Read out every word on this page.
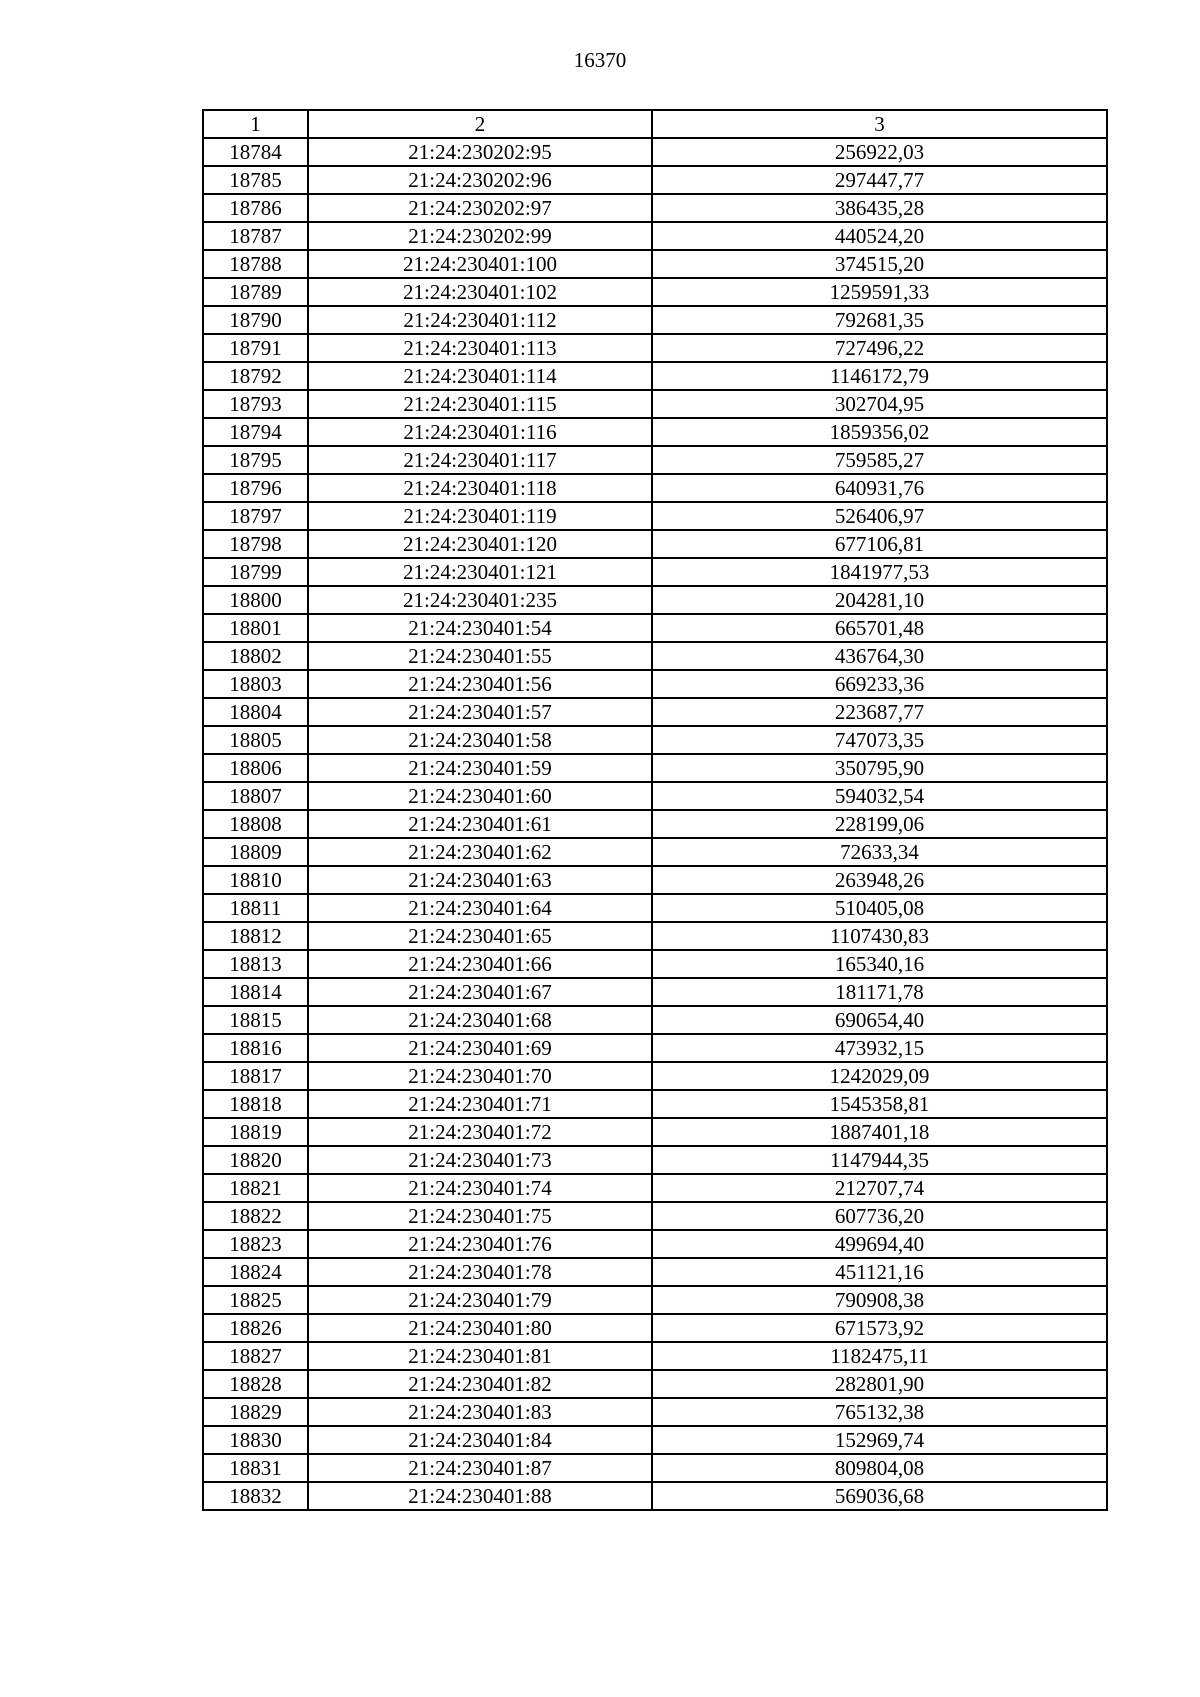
16370
1	2	3
18784	21:24:230202:95	256922,03
18785	21:24:230202:96	297447,77
18786	21:24:230202:97	386435,28
18787	21:24:230202:99	440524,20
18788	21:24:230401:100	374515,20
18789	21:24:230401:102	1259591,33
18790	21:24:230401:112	792681,35
18791	21:24:230401:113	727496,22
18792	21:24:230401:114	1146172,79
18793	21:24:230401:115	302704,95
18794	21:24:230401:116	1859356,02
18795	21:24:230401:117	759585,27
18796	21:24:230401:118	640931,76
18797	21:24:230401:119	526406,97
18798	21:24:230401:120	677106,81
18799	21:24:230401:121	1841977,53
18800	21:24:230401:235	204281,10
18801	21:24:230401:54	665701,48
18802	21:24:230401:55	436764,30
18803	21:24:230401:56	669233,36
18804	21:24:230401:57	223687,77
18805	21:24:230401:58	747073,35
18806	21:24:230401:59	350795,90
18807	21:24:230401:60	594032,54
18808	21:24:230401:61	228199,06
18809	21:24:230401:62	72633,34
18810	21:24:230401:63	263948,26
18811	21:24:230401:64	510405,08
18812	21:24:230401:65	1107430,83
18813	21:24:230401:66	165340,16
18814	21:24:230401:67	181171,78
18815	21:24:230401:68	690654,40
18816	21:24:230401:69	473932,15
18817	21:24:230401:70	1242029,09
18818	21:24:230401:71	1545358,81
18819	21:24:230401:72	1887401,18
18820	21:24:230401:73	1147944,35
18821	21:24:230401:74	212707,74
18822	21:24:230401:75	607736,20
18823	21:24:230401:76	499694,40
18824	21:24:230401:78	451121,16
18825	21:24:230401:79	790908,38
18826	21:24:230401:80	671573,92
18827	21:24:230401:81	1182475,11
18828	21:24:230401:82	282801,90
18829	21:24:230401:83	765132,38
18830	21:24:230401:84	152969,74
18831	21:24:230401:87	809804,08
18832	21:24:230401:88	569036,68
